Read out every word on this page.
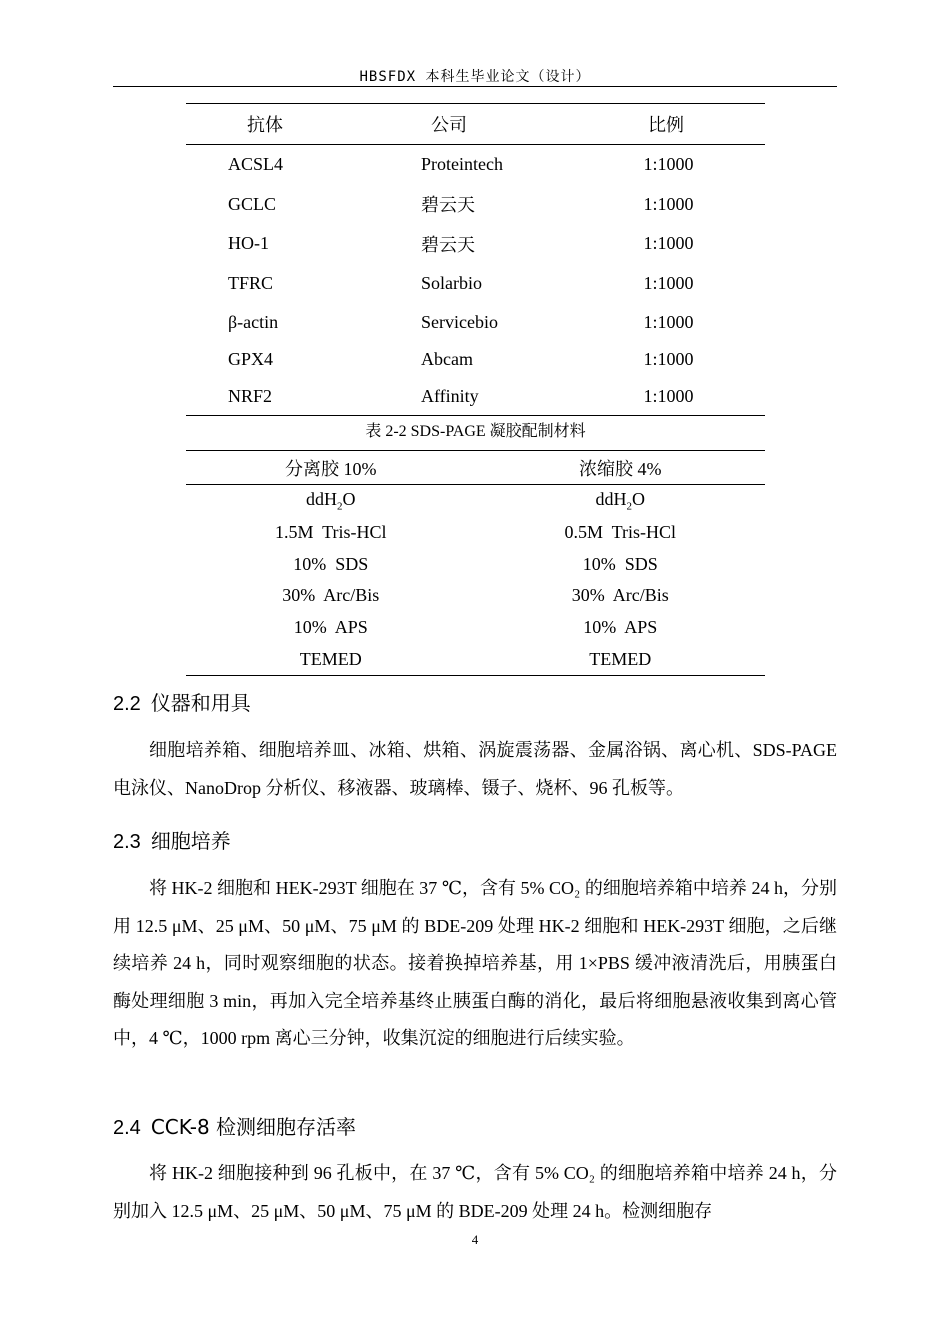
HBSFDX 本科生毕业论文（设计）
抗体	公司	比例
ACSL4	Proteintech	1:1000
GCLC	碧云天	1:1000
HO-1	碧云天	1:1000
TFRC	Solarbio	1:1000
β-actin	Servicebio	1:1000
GPX4	Abcam	1:1000
NRF2	Affinity	1:1000
表 2-2 SDS-PAGE 凝胶配制材料
分离胶 10%	浓缩胶 4%
ddH$_2$O	ddH$_2$O
1.5M  Tris-HCl	0.5M  Tris-HCl
10%  SDS	10%  SDS
30%  Arc/Bis	30%  Arc/Bis
10%  APS	10%  APS
TEMED	TEMED
2.2 仪器和用具
细胞培养箱、细胞培养皿、冰箱、烘箱、涡旋震荡器、金属浴锅、离心机、SDS-PAGE 电泳仪、NanoDrop 分析仪、移液器、玻璃棒、镊子、烧杯、96 孔板等。
2.3 细胞培养
将 HK-2 细胞和 HEK-293T 细胞在 37 ℃，含有 5% CO₂ 的细胞培养箱中培养 24 h，分别用 12.5 μM、25 μM、50 μM、75 μM 的 BDE-209 处理 HK-2 细胞和 HEK-293T 细胞，之后继续培养 24 h，同时观察细胞的状态。接着换掉培养基，用 1×PBS 缓冲液清洗后，用胰蛋白酶处理细胞 3 min，再加入完全培养基终止胰蛋白酶的消化，最后将细胞悬液收集到离心管中，4 ℃，1000 rpm 离心三分钟，收集沉淀的细胞进行后续实验。
2.4 CCK-8 检测细胞存活率
将 HK-2 细胞接种到 96 孔板中，在 37 ℃，含有 5% CO₂ 的细胞培养箱中培养 24 h，分别加入 12.5 μM、25 μM、50 μM、75 μM 的 BDE-209 处理 24 h。检测细胞存
4
